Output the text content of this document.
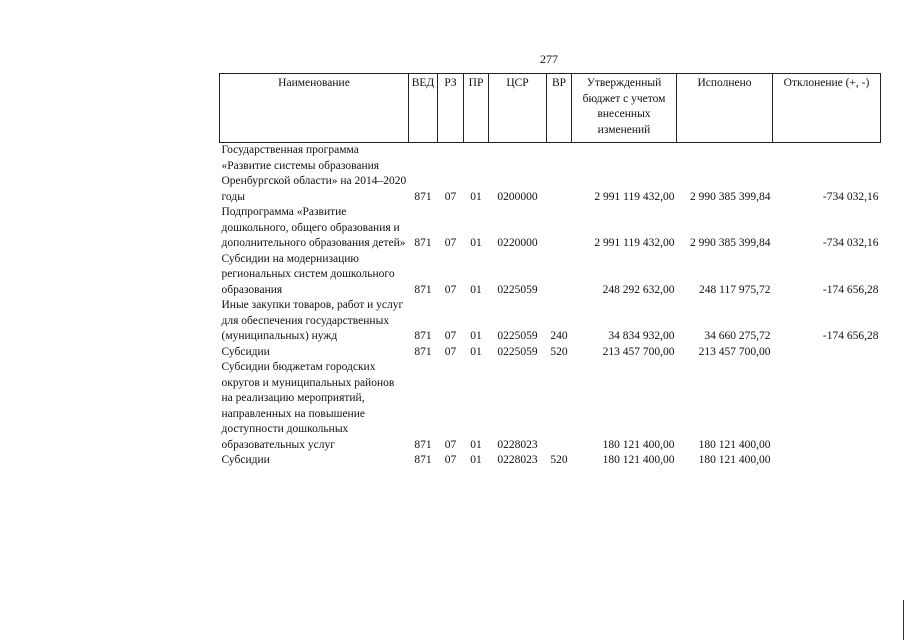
277
Наименование	ВЕД	РЗ	ПР	ЦСР	ВР	Утвержденный бюджет с учетом внесенных изменений	Исполнено	Отклонение (+, -)
Государственная программа «Развитие системы образования Оренбургской области» на 2014–2020 годы	871	07	01	0200000		2 991 119 432,00	2 990 385 399,84	-734 032,16
Подпрограмма «Развитие дошкольного, общего образования и дополнительного образования детей»	871	07	01	0220000		2 991 119 432,00	2 990 385 399,84	-734 032,16
Субсидии на модернизацию региональных систем дошкольного образования	871	07	01	0225059		248 292 632,00	248 117 975,72	-174 656,28
Иные закупки товаров, работ и услуг для обеспечения государственных (муниципальных) нужд	871	07	01	0225059	240	34 834 932,00	34 660 275,72	-174 656,28
Субсидии	871	07	01	0225059	520	213 457 700,00	213 457 700,00	
Субсидии бюджетам городских округов и муниципальных районов на реализацию мероприятий, направленных на повышение доступности дошкольных образовательных услуг	871	07	01	0228023		180 121 400,00	180 121 400,00	
Субсидии	871	07	01	0228023	520	180 121 400,00	180 121 400,00	
